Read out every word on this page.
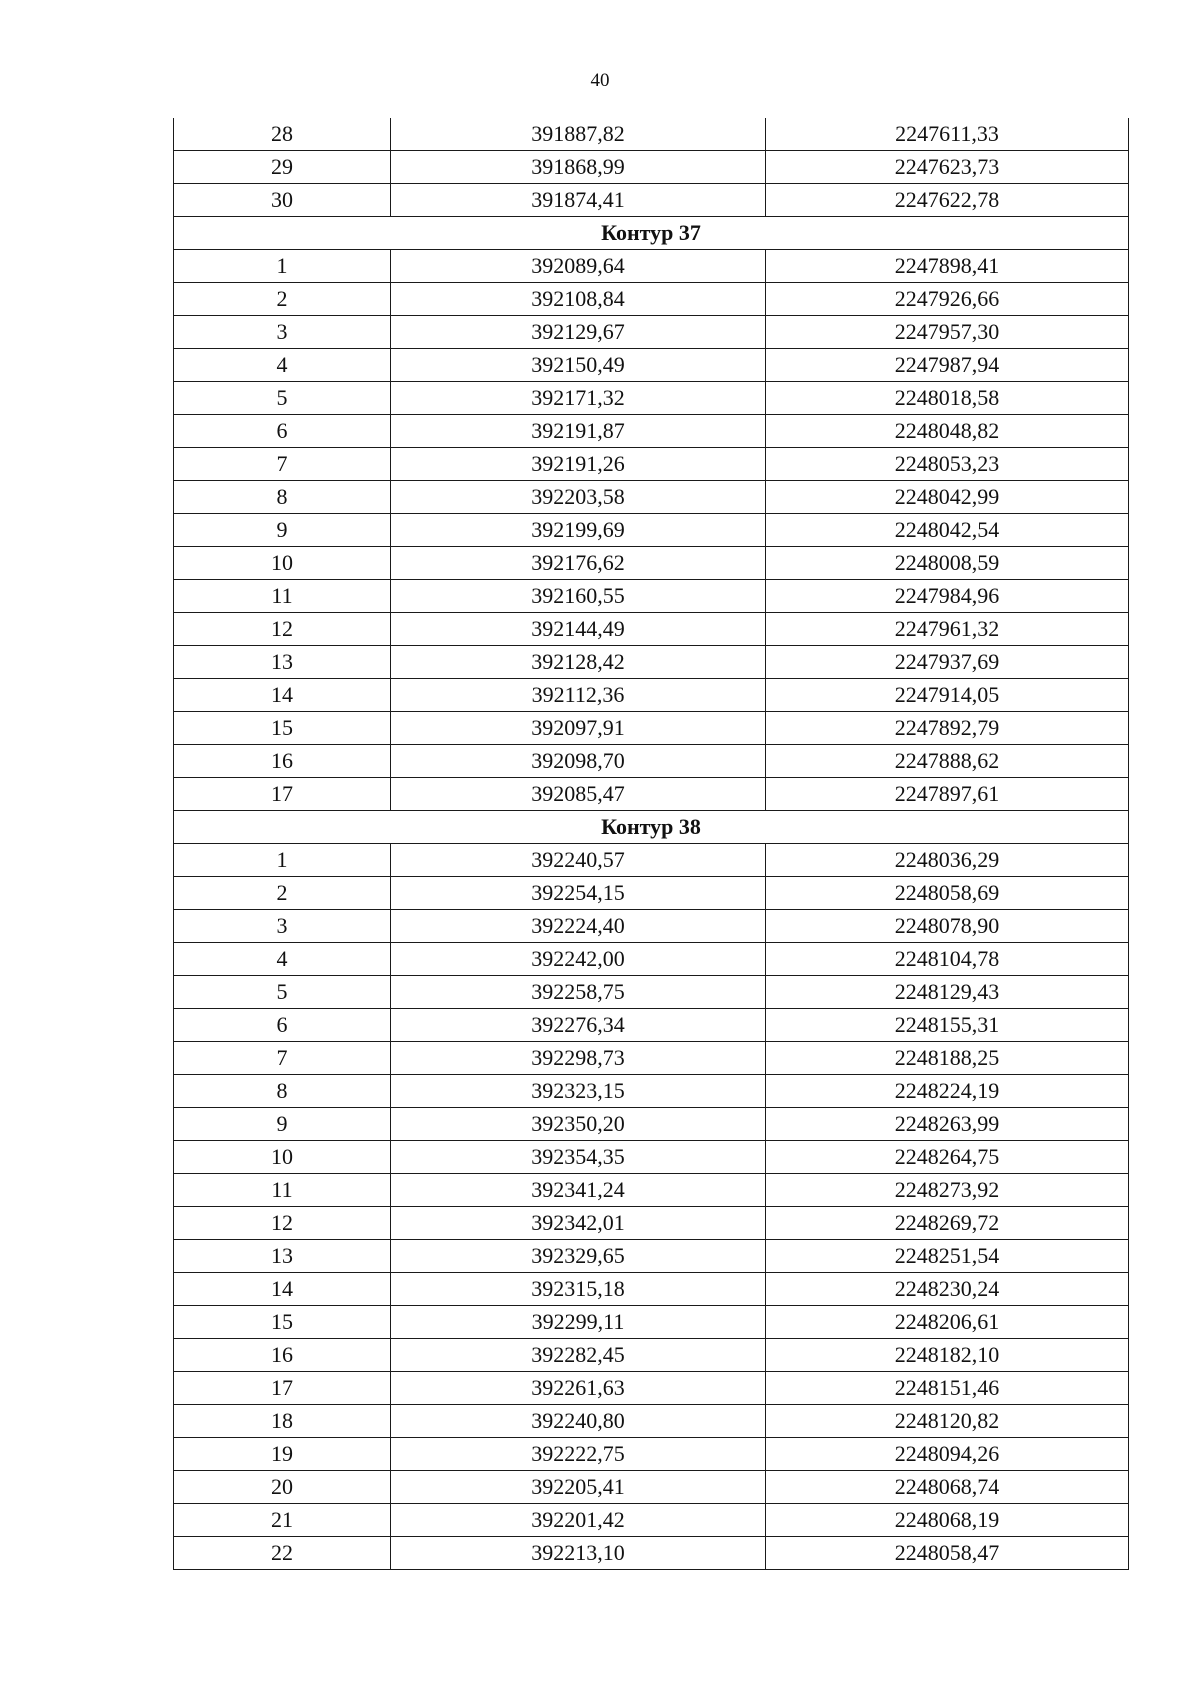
40
28	391887,82	2247611,33
29	391868,99	2247623,73
30	391874,41	2247622,78
Контур 37		
1	392089,64	2247898,41
2	392108,84	2247926,66
3	392129,67	2247957,30
4	392150,49	2247987,94
5	392171,32	2248018,58
6	392191,87	2248048,82
7	392191,26	2248053,23
8	392203,58	2248042,99
9	392199,69	2248042,54
10	392176,62	2248008,59
11	392160,55	2247984,96
12	392144,49	2247961,32
13	392128,42	2247937,69
14	392112,36	2247914,05
15	392097,91	2247892,79
16	392098,70	2247888,62
17	392085,47	2247897,61
Контур 38		
1	392240,57	2248036,29
2	392254,15	2248058,69
3	392224,40	2248078,90
4	392242,00	2248104,78
5	392258,75	2248129,43
6	392276,34	2248155,31
7	392298,73	2248188,25
8	392323,15	2248224,19
9	392350,20	2248263,99
10	392354,35	2248264,75
11	392341,24	2248273,92
12	392342,01	2248269,72
13	392329,65	2248251,54
14	392315,18	2248230,24
15	392299,11	2248206,61
16	392282,45	2248182,10
17	392261,63	2248151,46
18	392240,80	2248120,82
19	392222,75	2248094,26
20	392205,41	2248068,74
21	392201,42	2248068,19
22	392213,10	2248058,47
